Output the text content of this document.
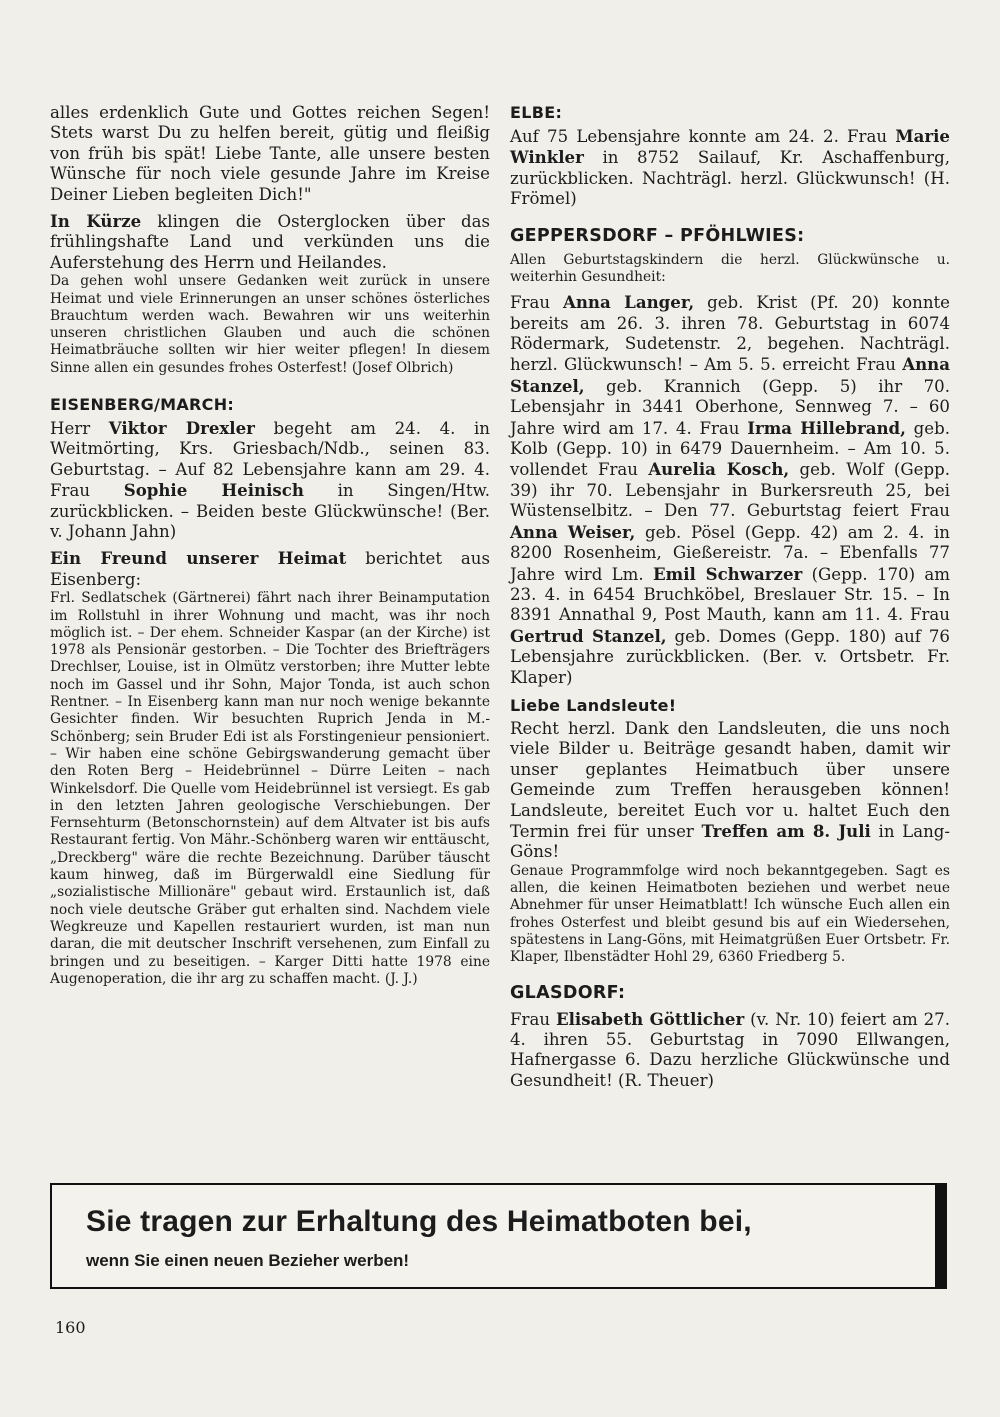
alles erdenklich Gute und Gottes reichen Segen! Stets warst Du zu helfen bereit, gütig und fleißig von früh bis spät! Liebe Tante, alle unsere besten Wünsche für noch viele gesunde Jahre im Kreise Deiner Lieben begleiten Dich!"

In Kürze klingen die Osterglocken über das frühlingshafte Land und verkünden uns die Auferstehung des Herrn und Heilandes.

Da gehen wohl unsere Gedanken weit zurück in unsere Heimat und viele Erinnerungen an unser schönes österliches Brauchtum werden wach. Bewahren wir uns weiterhin unseren christlichen Glauben und auch die schönen Heimatbräuche sollten wir hier weiter pflegen! In diesem Sinne allen ein gesundes frohes Osterfest! (Josef Olbrich)

EISENBERG/MARCH:

Herr Viktor Drexler begeht am 24. 4. in Weitmörting, Krs. Griesbach/Ndb., seinen 83. Geburtstag. – Auf 82 Lebensjahre kann am 29. 4. Frau Sophie Heinisch in Singen/Htw. zurückblicken. – Beiden beste Glückwünsche! (Ber. v. Johann Jahn)

Ein Freund unserer Heimat berichtet aus Eisenberg:

Frl. Sedlatschek (Gärtnerei) fährt nach ihrer Beinamputation im Rollstuhl in ihrer Wohnung und macht, was ihr noch möglich ist. – Der ehem. Schneider Kaspar (an der Kirche) ist 1978 als Pensionär gestorben. – Die Tochter des Briefträgers Drechlser, Louise, ist in Olmütz verstorben; ihre Mutter lebte noch im Gassel und ihr Sohn, Major Tonda, ist auch schon Rentner. – In Eisenberg kann man nur noch wenige bekannte Gesichter finden. Wir besuchten Ruprich Jenda in M.-Schönberg; sein Bruder Edi ist als Forstingenieur pensioniert. – Wir haben eine schöne Gebirgswanderung gemacht über den Roten Berg – Heidebrünnel – Dürre Leiten – nach Winkelsdorf. Die Quelle vom Heidebrünnel ist versiegt. Es gab in den letzten Jahren geologische Verschiebungen. Der Fernsehturm (Betonschornstein) auf dem Altvater ist bis aufs Restaurant fertig. Von Mähr.-Schönberg waren wir enttäuscht, „Dreckberg" wäre die rechte Bezeichnung. Darüber täuscht kaum hinweg, daß im Bürgerwaldl eine Siedlung für „sozialistische Millionäre" gebaut wird. Erstaunlich ist, daß noch viele deutsche Gräber gut erhalten sind. Nachdem viele Wegkreuze und Kapellen restauriert wurden, ist man nun daran, die mit deutscher Inschrift versehenen, zum Einfall zu bringen und zu beseitigen. – Karger Ditti hatte 1978 eine Augenoperation, die ihr arg zu schaffen macht. (J. J.)

ELBE:

Auf 75 Lebensjahre konnte am 24. 2. Frau Marie Winkler in 8752 Sailauf, Kr. Aschaffenburg, zurückblicken. Nachträgl. herzl. Glückwunsch! (H. Frömel)

GEPPERSDORF – PFÖHLWIES:

Allen Geburtstagskindern die herzl. Glückwünsche u. weiterhin Gesundheit:

Frau Anna Langer, geb. Krist (Pf. 20) konnte bereits am 26. 3. ihren 78. Geburtstag in 6074 Rödermark, Sudetenstr. 2, begehen. Nachträgl. herzl. Glückwunsch! – Am 5. 5. erreicht Frau Anna Stanzel, geb. Krannich (Gepp. 5) ihr 70. Lebensjahr in 3441 Oberhone, Sennweg 7. – 60 Jahre wird am 17. 4. Frau Irma Hillebrand, geb. Kolb (Gepp. 10) in 6479 Dauernheim. – Am 10. 5. vollendet Frau Aurelia Kosch, geb. Wolf (Gepp. 39) ihr 70. Lebensjahr in Burkersreuth 25, bei Wüstenselbitz. – Den 77. Geburtstag feiert Frau Anna Weiser, geb. Pösel (Gepp. 42) am 2. 4. in 8200 Rosenheim, Gießereistr. 7a. – Ebenfalls 77 Jahre wird Lm. Emil Schwarzer (Gepp. 170) am 23. 4. in 6454 Bruchköbel, Breslauer Str. 15. – In 8391 Annathal 9, Post Mauth, kann am 11. 4. Frau Gertrud Stanzel, geb. Domes (Gepp. 180) auf 76 Lebensjahre zurückblicken. (Ber. v. Ortsbetr. Fr. Klaper)

Liebe Landsleute!

Recht herzl. Dank den Landsleuten, die uns noch viele Bilder u. Beiträge gesandt haben, damit wir unser geplantes Heimatbuch über unsere Gemeinde zum Treffen herausgeben können! Landsleute, bereitet Euch vor u. haltet Euch den Termin frei für unser Treffen am 8. Juli in Lang-Göns!

Genaue Programmfolge wird noch bekanntgegeben. Sagt es allen, die keinen Heimatboten beziehen und werbet neue Abnehmer für unser Heimatblatt! Ich wünsche Euch allen ein frohes Osterfest und bleibt gesund bis auf ein Wiedersehen, spätestens in Lang-Göns, mit Heimatgrüßen Euer Ortsbetr. Fr. Klaper, Ilbenstädter Hohl 29, 6360 Friedberg 5.

GLASDORF:

Frau Elisabeth Göttlicher (v. Nr. 10) feiert am 27. 4. ihren 55. Geburtstag in 7090 Ellwangen, Hafnergasse 6. Dazu herzliche Glückwünsche und Gesundheit! (R. Theuer)

Sie tragen zur Erhaltung des Heimatboten bei,
wenn Sie einen neuen Bezieher werben!
160
